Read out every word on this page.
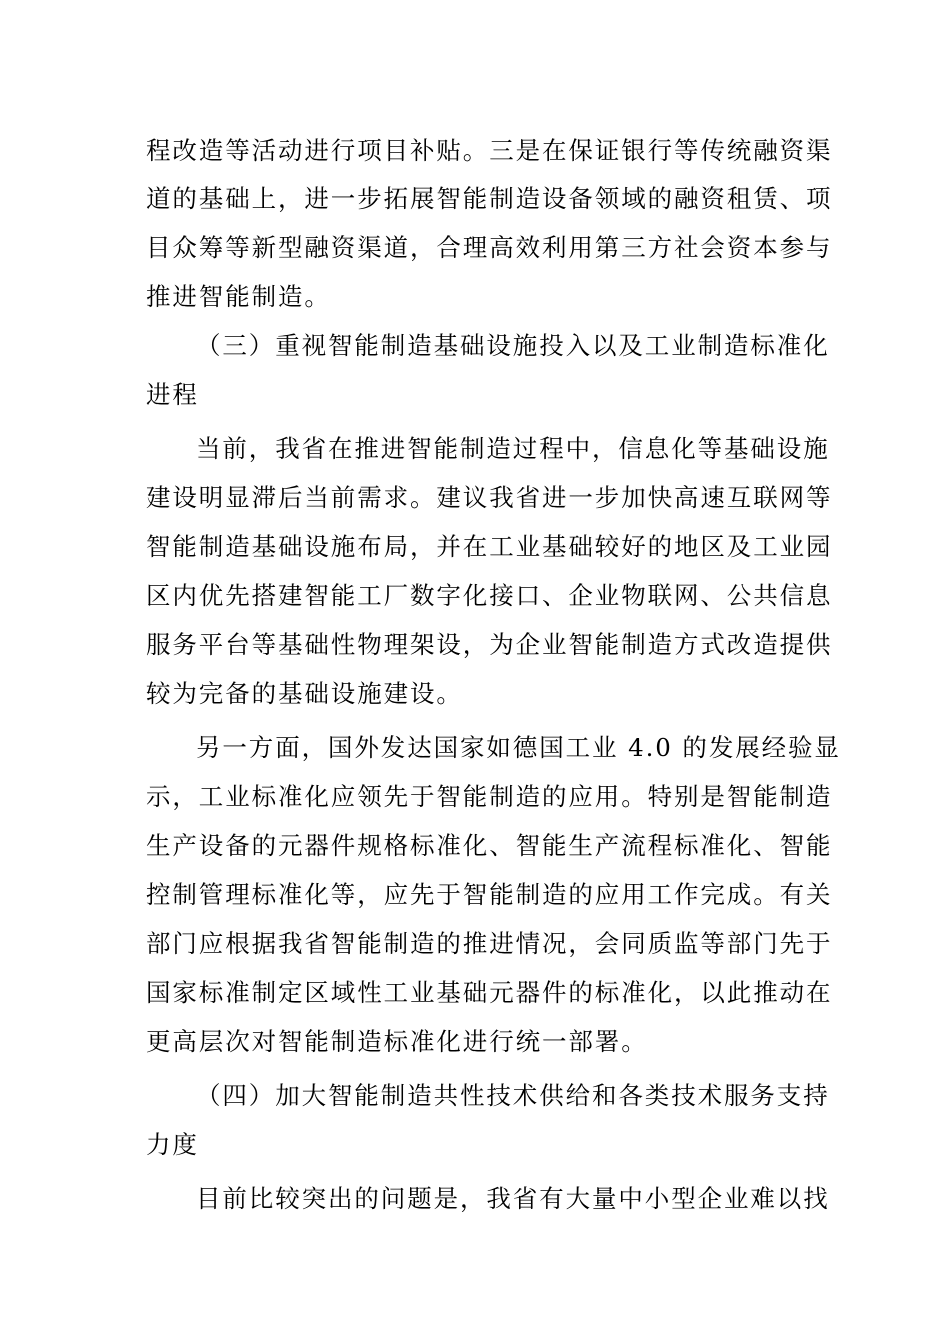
程改造等活动进行项目补贴。三是在保证银行等传统融资渠
道的基础上，进一步拓展智能制造设备领域的融资租赁、项
目众筹等新型融资渠道，合理高效利用第三方社会资本参与
推进智能制造。
（三）重视智能制造基础设施投入以及工业制造标准化
进程
当前，我省在推进智能制造过程中，信息化等基础设施
建设明显滞后当前需求。建议我省进一步加快高速互联网等
智能制造基础设施布局，并在工业基础较好的地区及工业园
区内优先搭建智能工厂数字化接口、企业物联网、公共信息
服务平台等基础性物理架设，为企业智能制造方式改造提供
较为完备的基础设施建设。
另一方面，国外发达国家如德国工业 4.0 的发展经验显
示，工业标准化应领先于智能制造的应用。特别是智能制造
生产设备的元器件规格标准化、智能生产流程标准化、智能
控制管理标准化等，应先于智能制造的应用工作完成。有关
部门应根据我省智能制造的推进情况，会同质监等部门先于
国家标准制定区域性工业基础元器件的标准化，以此推动在
更高层次对智能制造标准化进行统一部署。
（四）加大智能制造共性技术供给和各类技术服务支持
力度
目前比较突出的问题是，我省有大量中小型企业难以找
